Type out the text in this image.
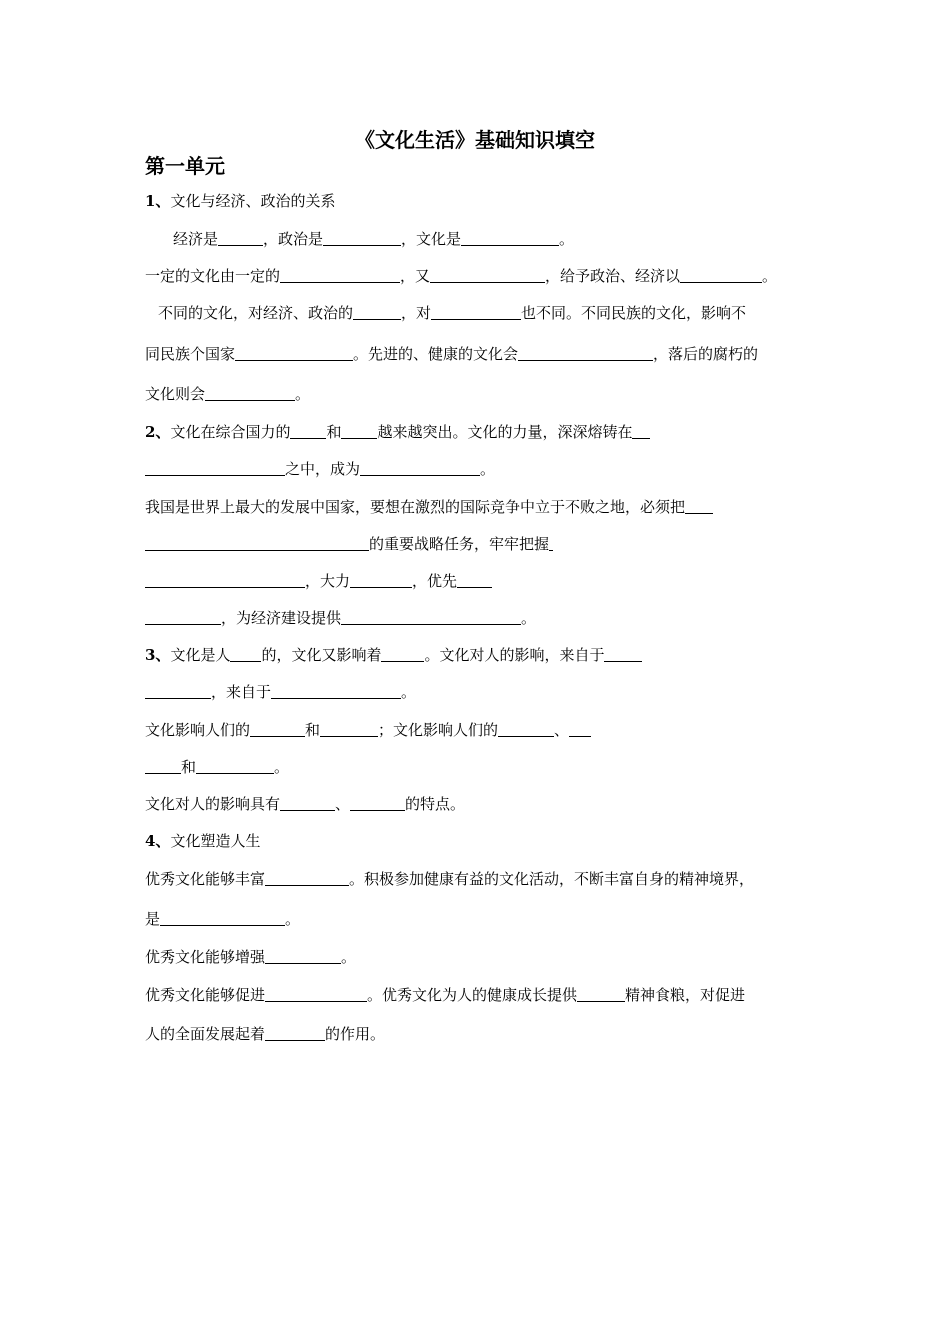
《文化生活》基础知识填空
第一单元
1、文化与经济、政治的关系
经济是	，政治是	，文化是	。
一定的文化由一定的	，又	，给予政治、经济以	。
不同的文化，对经济、政治的	，对	也不同。不同民族的文化，影响不
同民族个国家	。先进的、健康的文化会	，落后的腐朽的
文化则会	。
2、文化在综合国力的 和 越来越突出。文化的力量，深深熔铸在
之中，成为	。
我国是世界上最大的发展中国家，要想在激烈的国际竞争中立于不败之地，必须把
的重要战略任务，牢牢把握
，大力	，优先
，为经济建设提供	。
3、文化是人 的，文化又影响着	。文化对人的影响，来自于
，来自于	。
文化影响人们的	和	；文化影响人们的	、
和	。
文化对人的影响具有	、	的特点。
4、文化塑造人生
优秀文化能够丰富	。积极参加健康有益的文化活动，不断丰富自身的精神境界，
是	。
优秀文化能够增强	。
优秀文化能够促进	。优秀文化为人的健康成长提供	精神食粮，对促进
人的全面发展起着	的作用。
